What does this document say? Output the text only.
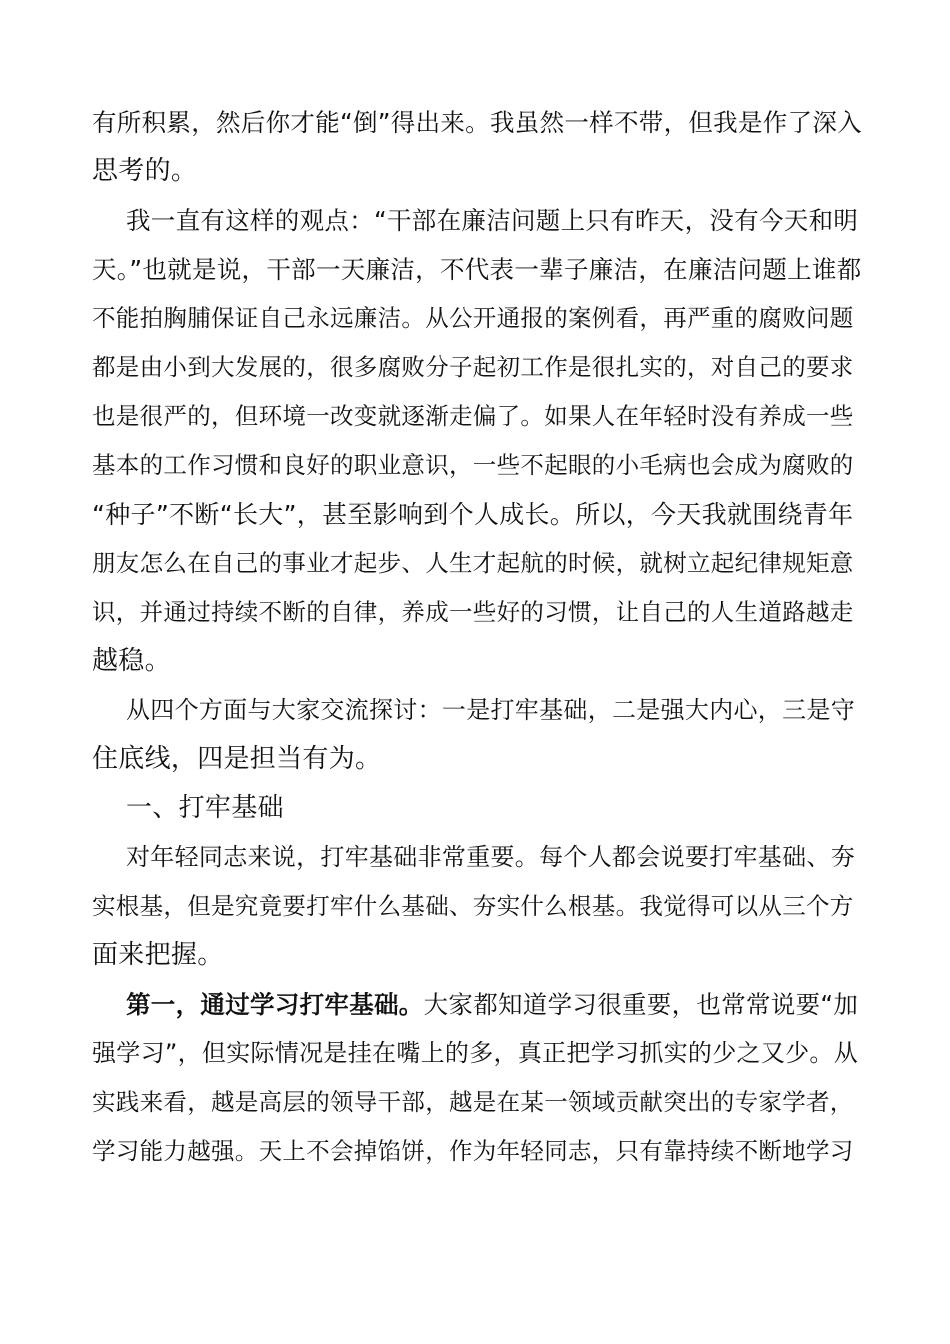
有所积累，然后你才能“倒”得出来。我虽然一样不带，但我是作了深入
思考的。
我一直有这样的观点：“干部在廉洁问题上只有昨天，没有今天和明
天。”也就是说，干部一天廉洁，不代表一辈子廉洁，在廉洁问题上谁都
不能拍胸脯保证自己永远廉洁。从公开通报的案例看，再严重的腐败问题
都是由小到大发展的，很多腐败分子起初工作是很扎实的，对自己的要求
也是很严的，但环境一改变就逐渐走偏了。如果人在年轻时没有养成一些
基本的工作习惯和良好的职业意识，一些不起眼的小毛病也会成为腐败的
“种子”不断“长大”，甚至影响到个人成长。所以，今天我就围绕青年
朋友怎么在自己的事业才起步、人生才起航的时候，就树立起纪律规矩意
识，并通过持续不断的自律，养成一些好的习惯，让自己的人生道路越走
越稳。
从四个方面与大家交流探讨：一是打牢基础，二是强大内心，三是守
住底线，四是担当有为。
一、打牢基础
对年轻同志来说，打牢基础非常重要。每个人都会说要打牢基础、夯
实根基，但是究竟要打牢什么基础、夯实什么根基。我觉得可以从三个方
面来把握。
第一，通过学习打牢基础。大家都知道学习很重要，也常常说要“加
强学习”，但实际情况是挂在嘴上的多，真正把学习抓实的少之又少。从
实践来看，越是高层的领导干部，越是在某一领域贡献突出的专家学者，
学习能力越强。天上不会掉馅饼，作为年轻同志，只有靠持续不断地学习
